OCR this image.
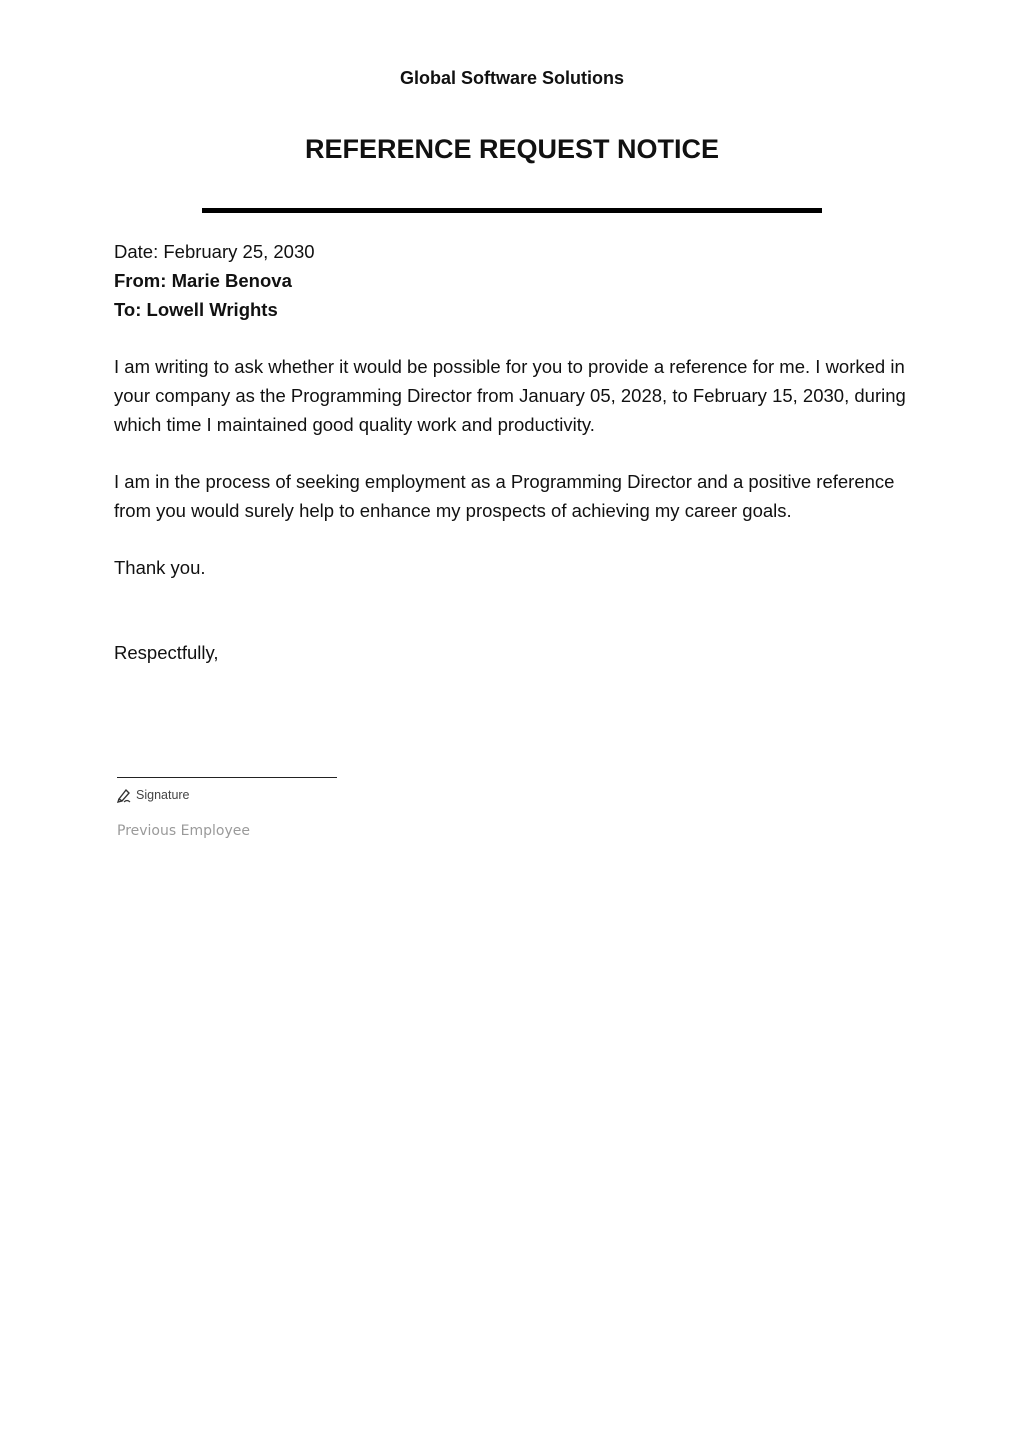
Global Software Solutions
REFERENCE REQUEST NOTICE
Date: February 25, 2030
From: Marie Benova
To: Lowell Wrights

I am writing to ask whether it would be possible for you to provide a reference for me. I worked in your company as the Programming Director from January 05, 2028, to February 15, 2030, during which time I maintained good quality work and productivity.

I am in the process of seeking employment as a Programming Director and a positive reference from you would surely help to enhance my prospects of achieving my career goals.

Thank you.

Respectfully,
Signature
Previous Employee
